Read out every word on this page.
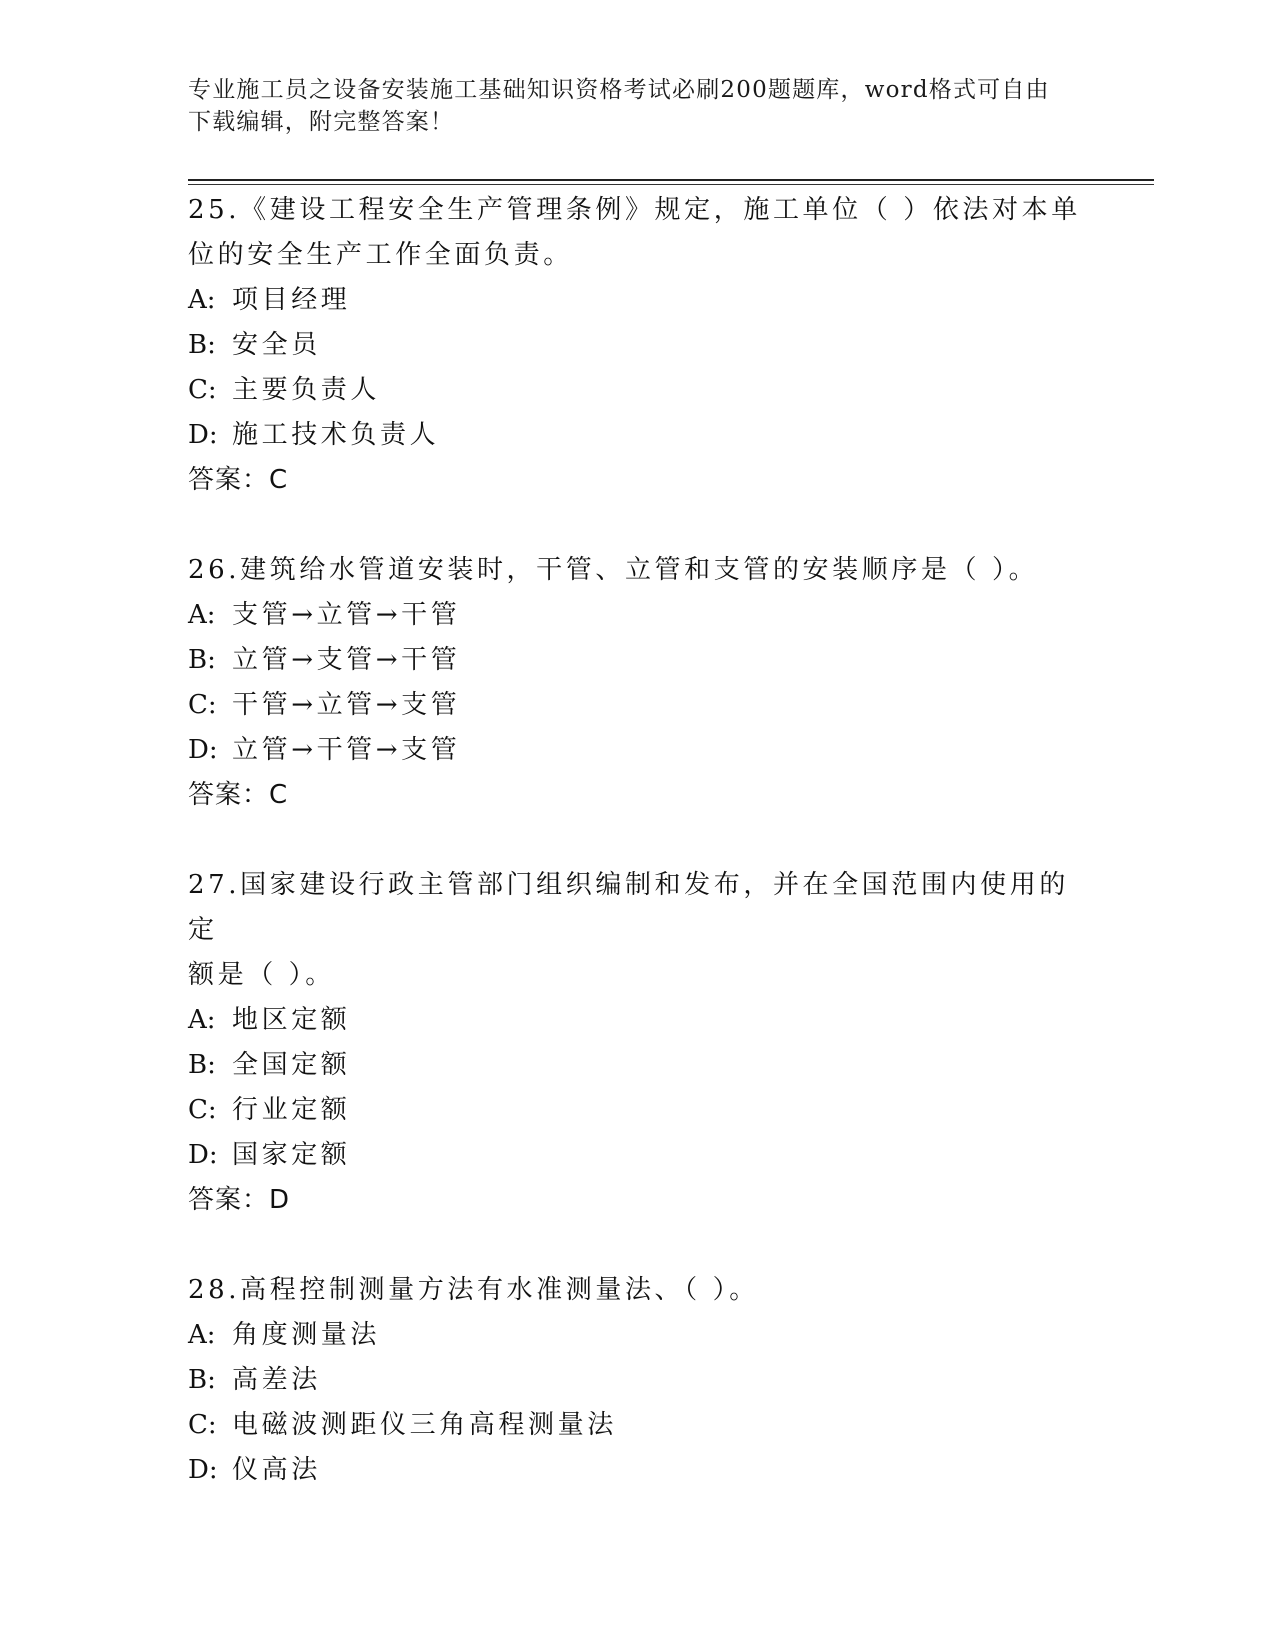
专业施工员之设备安装施工基础知识资格考试必刷200题题库，word格式可自由
下载编辑，附完整答案！

25.《建设工程安全生产管理条例》规定，施工单位（ ）依法对本单

位的安全生产工作全面负责。

A: 项目经理

B: 安全员

C: 主要负责人

D: 施工技术负责人

答案：C

26.建筑给水管道安装时，干管、立管和支管的安装顺序是（ ）。

A: 支管→立管→干管

B: 立管→支管→干管

C: 干管→立管→支管

D: 立管→干管→支管

答案：C

27.国家建设行政主管部门组织编制和发布，并在全国范围内使用的定

额是（ ）。

A: 地区定额

B: 全国定额

C: 行业定额

D: 国家定额

答案：D

28.高程控制测量方法有水准测量法、（ ）。

A: 角度测量法

B: 高差法

C: 电磁波测距仪三角高程测量法

D: 仪高法
